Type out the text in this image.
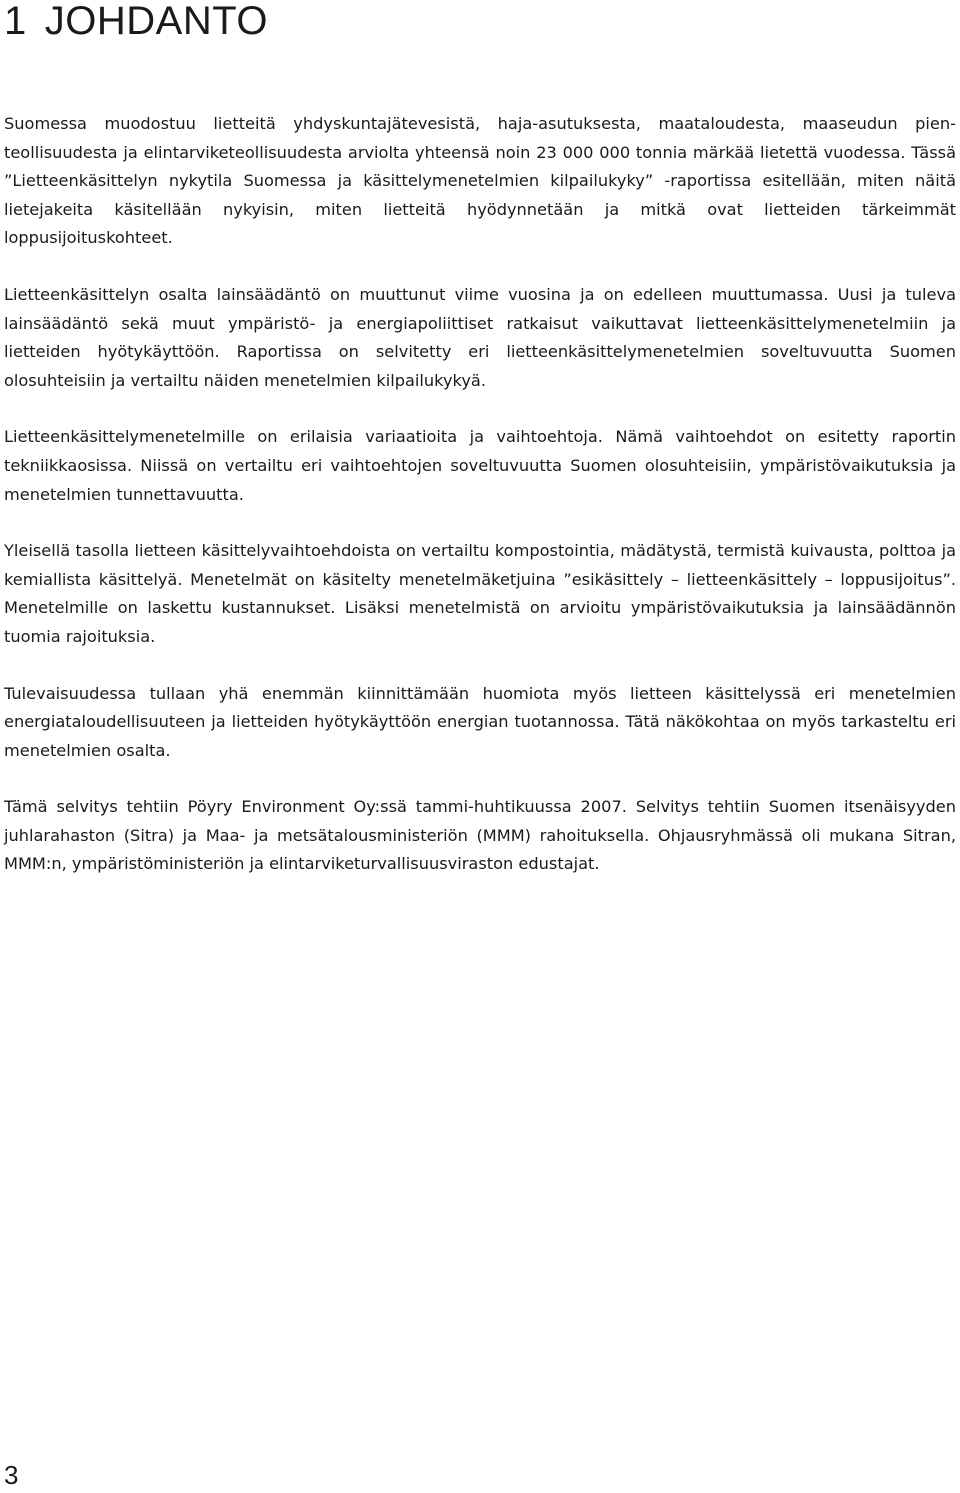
1 JOHDANTO

Suomessa muodostuu lietteitä yhdyskuntajätevesistä, haja-asutuksesta, maataloudesta, maaseudun pienteollisuudesta ja elintarviketeollisuudesta arviolta yhteensä noin 23 000 000 tonnia märkää lietettä vuodessa. Tässä ”Lietteenkäsittelyn nykytila Suomessa ja käsittelymenetelmien kilpailukyky” -raportissa esitellään, miten näitä lietejakeita käsitellään nykyisin, miten lietteitä hyödynnetään ja mitkä ovat lietteiden tärkeimmät loppusijoituskohteet.

Lietteenkäsittelyn osalta lainsäädäntö on muuttunut viime vuosina ja on edelleen muuttumassa. Uusi ja tuleva lainsäädäntö sekä muut ympäristö- ja energiapoliittiset ratkaisut vaikuttavat lietteenkäsittelymenetelmiin ja lietteiden hyötykäyttöön. Raportissa on selvitetty eri lietteenkäsittelymenetelmien soveltuvuutta Suomen olosuhteisiin ja vertailtu näiden menetelmien kilpailukykyä.

Lietteenkäsittelymenetelmille on erilaisia variaatioita ja vaihtoehtoja. Nämä vaihtoehdot on esitetty raportin tekniikkaosissa. Niissä on vertailtu eri vaihtoehtojen soveltuvuutta Suomen olosuhteisiin, ympäristövaikutuksia ja menetelmien tunnettavuutta.

Yleisellä tasolla lietteen käsittelyvaihtoehdoista on vertailtu kompostointia, mädätystä, termistä kuivausta, polttoa ja kemiallista käsittelyä. Menetelmät on käsitelty menetelmäketjuina ”esikäsittely – lietteenkäsittely – loppusijoitus”. Menetelmille on laskettu kustannukset. Lisäksi menetelmistä on arvioitu ympäristövaikutuksia ja lainsäädännön tuomia rajoituksia.

Tulevaisuudessa tullaan yhä enemmän kiinnittämään huomiota myös lietteen käsittelyssä eri menetelmien energiataloudellisuuteen ja lietteiden hyötykäyttöön energian tuotannossa. Tätä näkökohtaa on myös tarkasteltu eri menetelmien osalta.

Tämä selvitys tehtiin Pöyry Environment Oy:ssä tammi-huhtikuussa 2007. Selvitys tehtiin Suomen itsenäisyyden juhlarahaston (Sitra) ja Maa- ja metsätalousministeriön (MMM) rahoituksella. Ohjausryhmässä oli mukana Sitran, MMM:n, ympäristöministeriön ja elintarviketurvallisuusviraston edustajat.

3
